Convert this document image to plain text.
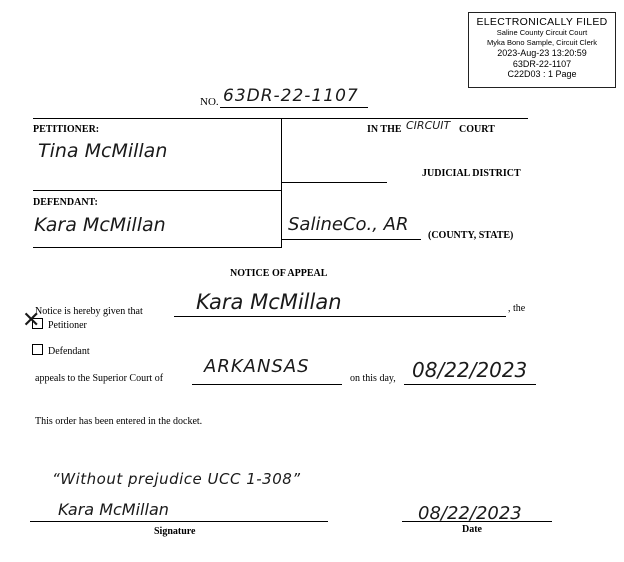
ELECTRONICALLY FILED
Saline County Circuit Court
Myka Bono Sample, Circuit Clerk
2023-Aug-23 13:20:59
63DR-22-1107
C22D03 : 1 Page
NO. 63DR-22-1107
PETITIONER:
Tina McMillan
IN THE CIRCUIT COURT
JUDICIAL DISTRICT
DEFENDANT:
Kara McMillan	SalineCo., AR
(COUNTY, STATE)
NOTICE OF APPEAL
Notice is hereby given that	Kara McMillan	, the
✕ Petitioner
Defendant
appeals to the Superior Court of
ARKANSAS
on this day, 08/22/2023
This order has been entered in the docket.
“Without prejudice UCC 1-308”
Kara McMillan
Signature
08/22/2023
Date
